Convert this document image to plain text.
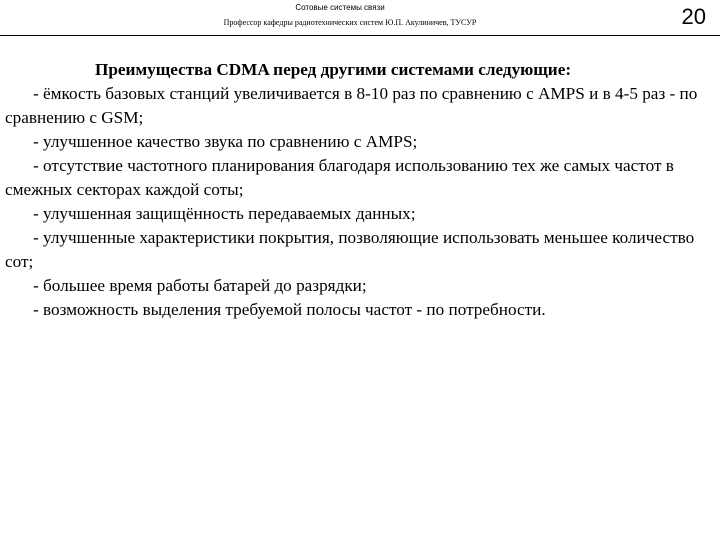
Сотовые системы связи
Профессор кафедры радиотехнических систем Ю.П. Акулиничев, ТУСУР	20
Преимущества CDMA перед другими системами следующие:

- ёмкость базовых станций увеличивается в 8-10 раз по сравнению с AMPS и в 4-5 раз - по сравнению с GSM;

- улучшенное качество звука по сравнению с AMPS;

- отсутствие частотного планирования благодаря использованию тех же самых частот в смежных секторах каждой соты;

- улучшенная защищённость передаваемых данных;

- улучшенные характеристики покрытия, позволяющие использовать меньшее количество сот;

- большее время работы батарей до разрядки;

- возможность выделения требуемой полосы частот - по потребности.
